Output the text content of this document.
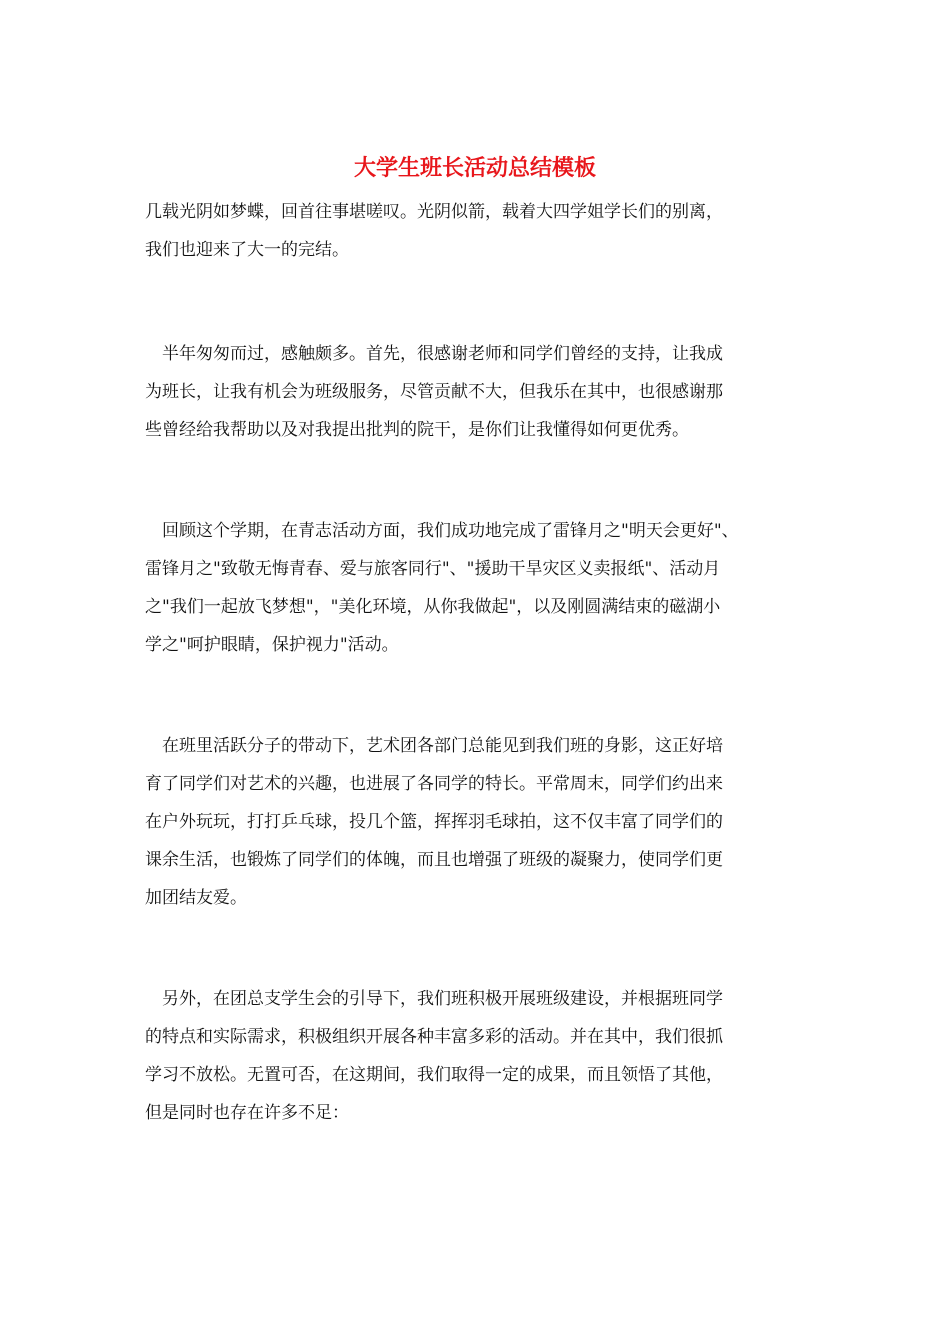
大学生班长活动总结模板

几载光阴如梦蝶，回首往事堪嗟叹。光阴似箭，载着大四学姐学长们的别离，
我们也迎来了大一的完结。

　半年匆匆而过，感触颇多。首先，很感谢老师和同学们曾经的支持，让我成
为班长，让我有机会为班级服务，尽管贡献不大，但我乐在其中，也很感谢那
些曾经给我帮助以及对我提出批判的院干，是你们让我懂得如何更优秀。

　回顾这个学期，在青志活动方面，我们成功地完成了雷锋月之"明天会更好"、
雷锋月之"致敬无悔青春、爱与旅客同行"、"援助干旱灾区义卖报纸"、活动月
之"我们一起放飞梦想"，"美化环境，从你我做起"，以及刚圆满结束的磁湖小
学之"呵护眼睛，保护视力"活动。

　在班里活跃分子的带动下，艺术团各部门总能见到我们班的身影，这正好培
育了同学们对艺术的兴趣，也进展了各同学的特长。平常周末，同学们约出来
在户外玩玩，打打乒乓球，投几个篮，挥挥羽毛球拍，这不仅丰富了同学们的
课余生活，也锻炼了同学们的体魄，而且也增强了班级的凝聚力，使同学们更
加团结友爱。

　另外，在团总支学生会的引导下，我们班积极开展班级建设，并根据班同学
的特点和实际需求，积极组织开展各种丰富多彩的活动。并在其中，我们很抓
学习不放松。无置可否，在这期间，我们取得一定的成果，而且领悟了其他，
但是同时也存在许多不足：
